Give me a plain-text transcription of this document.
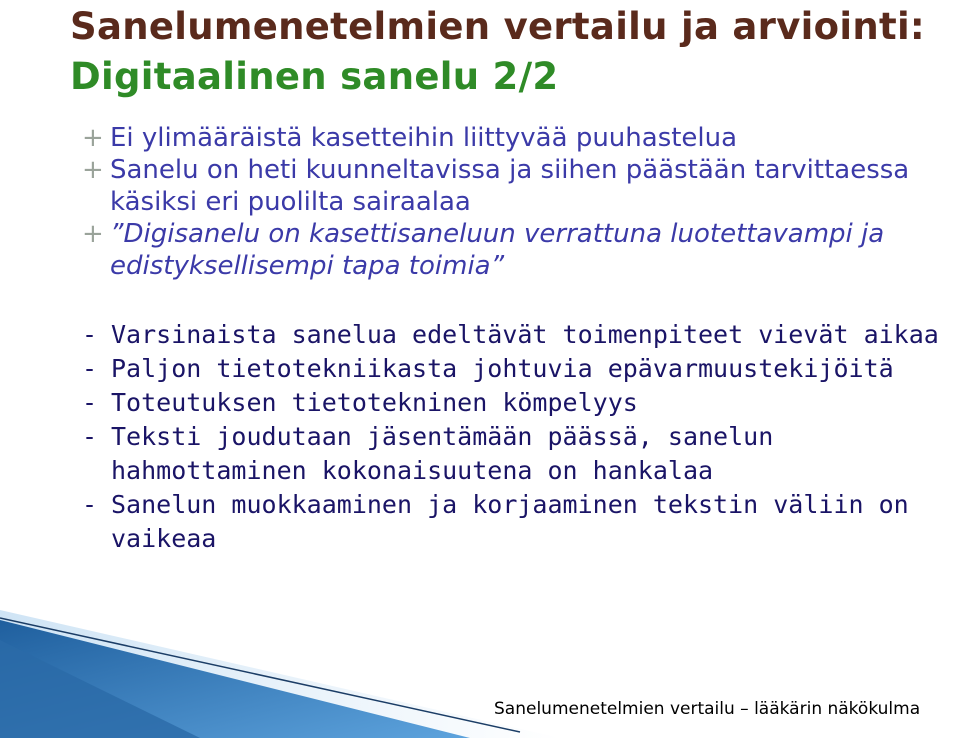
Sanelumenetelmien vertailu ja arviointi:
Digitaalinen sanelu 2/2
+ Ei ylimääräistä kasetteihin liittyvää puuhastelua
+ Sanelu on heti kuunneltavissa ja siihen päästään tarvittaessa käsiksi eri puolilta sairaalaa
+ ”Digisanelu on kasettisaneluun verrattuna luotettavampi ja edistyksellisempi tapa toimia”
- Varsinaista sanelua edeltävät toimenpiteet vievät aikaa
- Paljon tietotekniikasta johtuvia epävarmuustekijöitä
- Toteutuksen tietotekninen kömpelyys
- Teksti joudutaan jäsentämään päässä, sanelun hahmottaminen kokonaisuutena on hankalaa
- Sanelun muokkaaminen ja korjaaminen tekstin väliin on vaikeaa
Sanelumenetelmien vertailu – lääkärin näkökulma
